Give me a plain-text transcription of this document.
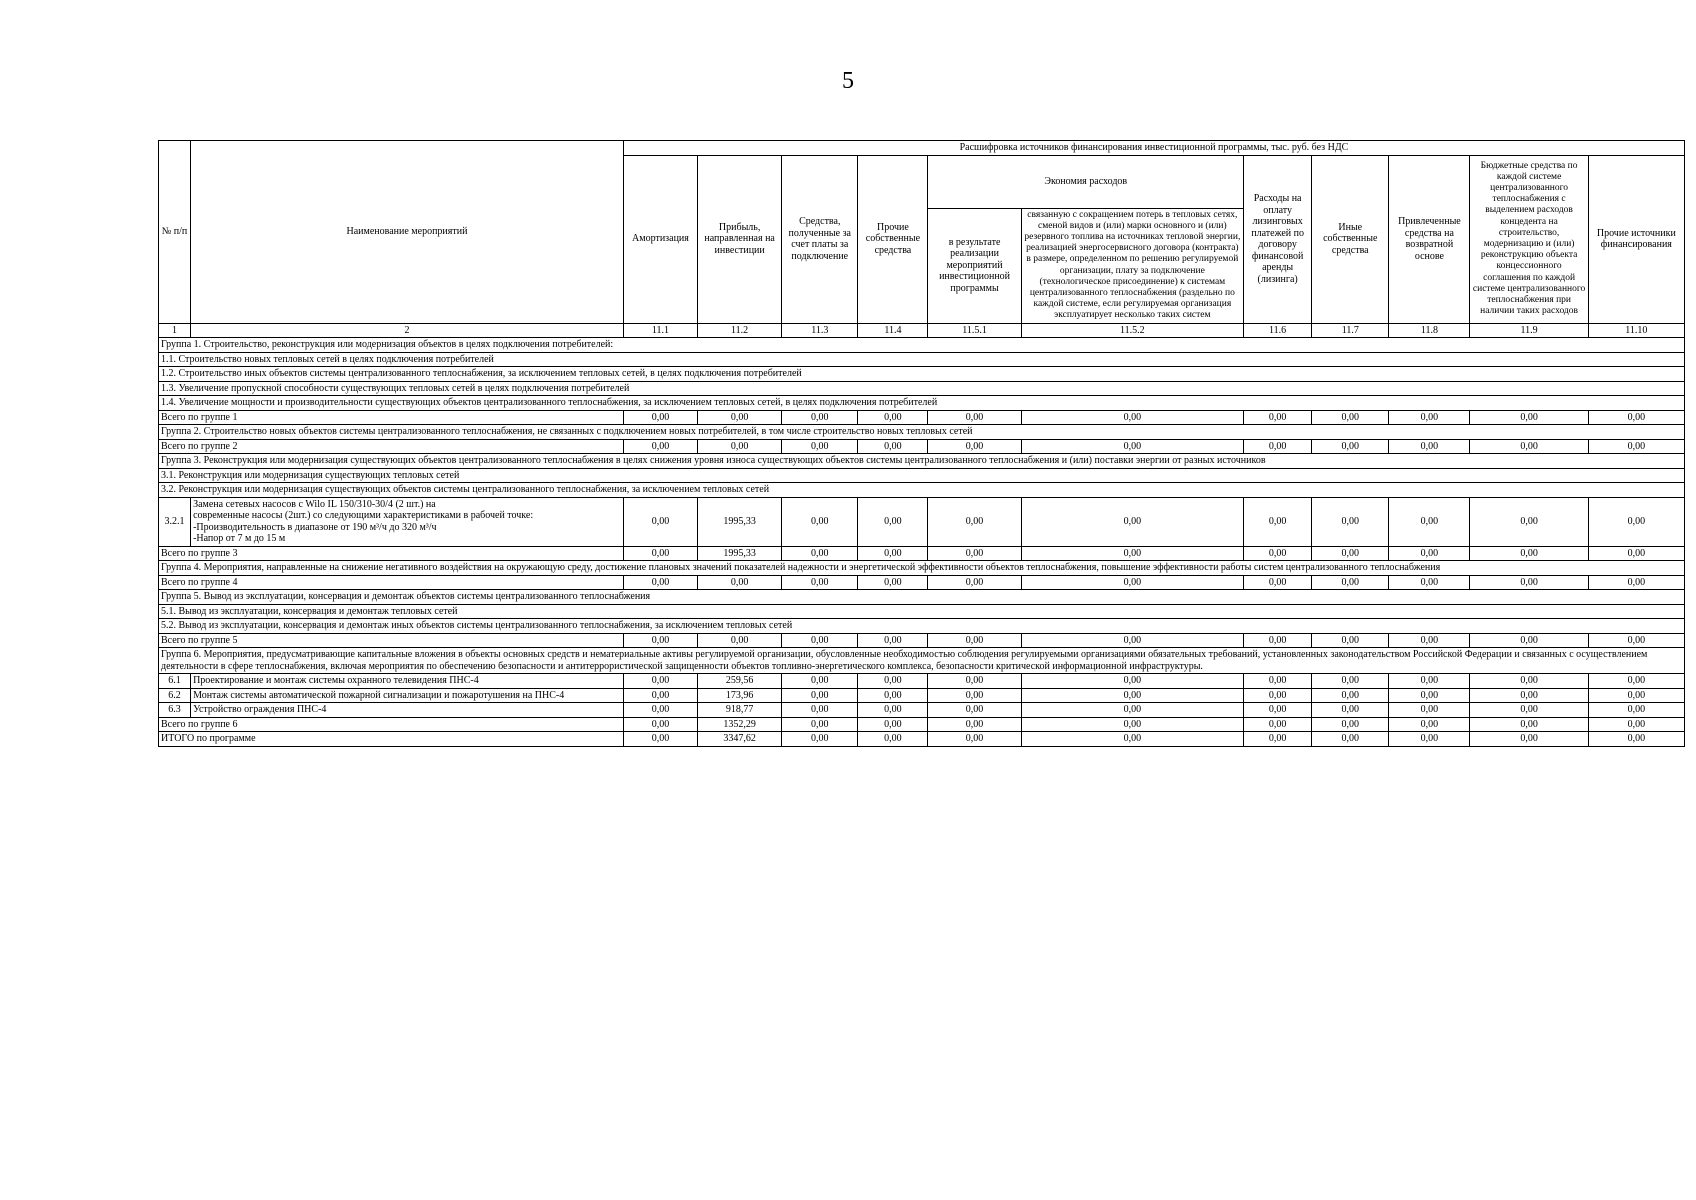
5
№ п/п	Наименование мероприятий	Расшифровка источников финансирования инвестиционной программы, тыс. руб. без НДС										
		Амортизация	Прибыль, направленная на инвестиции	Средства, полученные за счет платы за подключение	Прочие собственные средства	Экономия расходов		Расходы на оплату лизинговых платежей по договору финансовой аренды (лизинга)	Иные собственные средства	Привлеченные средства на возвратной основе	Бюджетные средства по каждой системе централизованного теплоснабжения с выделением расходов концедента на строительство, модернизацию и (или) реконструкцию объекта концессионного соглашения по каждой системе централизованного теплоснабжения при наличии таких расходов	Прочие источники финансирования
						в результате реализации мероприятий инвестиционной программы	связанную с сокращением потерь в тепловых сетях, сменой видов и (или) марки основного и (или) резервного топлива на источниках тепловой энергии, реализацией энергосервисного договора (контракта) в размере, определенном по решению регулируемой организации, плату за подключение (технологическое присоединение) к системам централизованного теплоснабжения (раздельно по каждой системе, если регулируемая организация эксплуатирует несколько таких систем					
1	2	11.1	11.2	11.3	11.4	11.5.1	11.5.2	11.6	11.7	11.8	11.9	11.10
Группа 1. Строительство, реконструкция или модернизация объектов в целях подключения потребителей:												
1.1. Строительство новых тепловых сетей в целях подключения потребителей												
1.2. Строительство иных объектов системы централизованного теплоснабжения, за исключением тепловых сетей, в целях подключения потребителей												
1.3. Увеличение пропускной способности существующих тепловых сетей в целях подключения потребителей												
1.4. Увеличение мощности и производительности существующих объектов централизованного теплоснабжения, за исключением тепловых сетей, в целях подключения потребителей												
Всего по группе 1		0,00	0,00	0,00	0,00	0,00	0,00	0,00	0,00	0,00	0,00	0,00
Группа 2. Строительство новых объектов системы централизованного теплоснабжения, не связанных с подключением новых потребителей, в том числе строительство новых тепловых сетей												
Всего по группе 2		0,00	0,00	0,00	0,00	0,00	0,00	0,00	0,00	0,00	0,00	0,00
Группа 3. Реконструкция или модернизация существующих объектов централизованного теплоснабжения в целях снижения уровня износа существующих объектов системы централизованного теплоснабжения и (или) поставки энергии от разных источников												
3.1. Реконструкция или модернизация существующих тепловых сетей												
3.2. Реконструкция или модернизация существующих объектов системы централизованного теплоснабжения, за исключением тепловых сетей												
3.2.1	Замена сетевых насосов с Wilo IL 150/310-30/4 (2 шт.) на
современные насосы (2шт.) со следующими характеристиками в рабочей точке:
-Производительность в диапазоне от 190 м³/ч до 320 м³/ч
-Напор от 7 м до 15 м	0,00	1995,33	0,00	0,00	0,00	0,00	0,00	0,00	0,00	0,00	0,00
Всего по группе 3		0,00	1995,33	0,00	0,00	0,00	0,00	0,00	0,00	0,00	0,00	0,00
Группа 4. Мероприятия, направленные на снижение негативного воздействия на окружающую среду, достижение плановых значений показателей надежности и энергетической эффективности объектов теплоснабжения, повышение эффективности работы систем централизованного теплоснабжения												
Всего по группе 4		0,00	0,00	0,00	0,00	0,00	0,00	0,00	0,00	0,00	0,00	0,00
Группа 5. Вывод из эксплуатации, консервация и демонтаж объектов системы централизованного теплоснабжения												
5.1. Вывод из эксплуатации, консервация и демонтаж тепловых сетей												
5.2. Вывод из эксплуатации, консервация и демонтаж иных объектов системы централизованного теплоснабжения, за исключением тепловых сетей												
Всего по группе 5		0,00	0,00	0,00	0,00	0,00	0,00	0,00	0,00	0,00	0,00	0,00
Группа 6. Мероприятия, предусматривающие капитальные вложения в объекты основных средств и нематериальные активы регулируемой организации, обусловленные необходимостью соблюдения регулируемыми организациями обязательных требований, установленных законодательством Российской Федерации и связанных с осуществлением деятельности в сфере теплоснабжения, включая мероприятия по обеспечению безопасности и антитеррористической защищенности объектов топливно-энергетического комплекса, безопасности критической информационной инфраструктуры.												
6.1	Проектирование и монтаж системы охранного телевидения ПНС-4	0,00	259,56	0,00	0,00	0,00	0,00	0,00	0,00	0,00	0,00	0,00
6.2	Монтаж системы автоматической пожарной сигнализации и пожаротушения на ПНС-4	0,00	173,96	0,00	0,00	0,00	0,00	0,00	0,00	0,00	0,00	0,00
6.3	Устройство ограждения ПНС-4	0,00	918,77	0,00	0,00	0,00	0,00	0,00	0,00	0,00	0,00	0,00
Всего по группе 6		0,00	1352,29	0,00	0,00	0,00	0,00	0,00	0,00	0,00	0,00	0,00
ИТОГО по программе		0,00	3347,62	0,00	0,00	0,00	0,00	0,00	0,00	0,00	0,00	0,00
